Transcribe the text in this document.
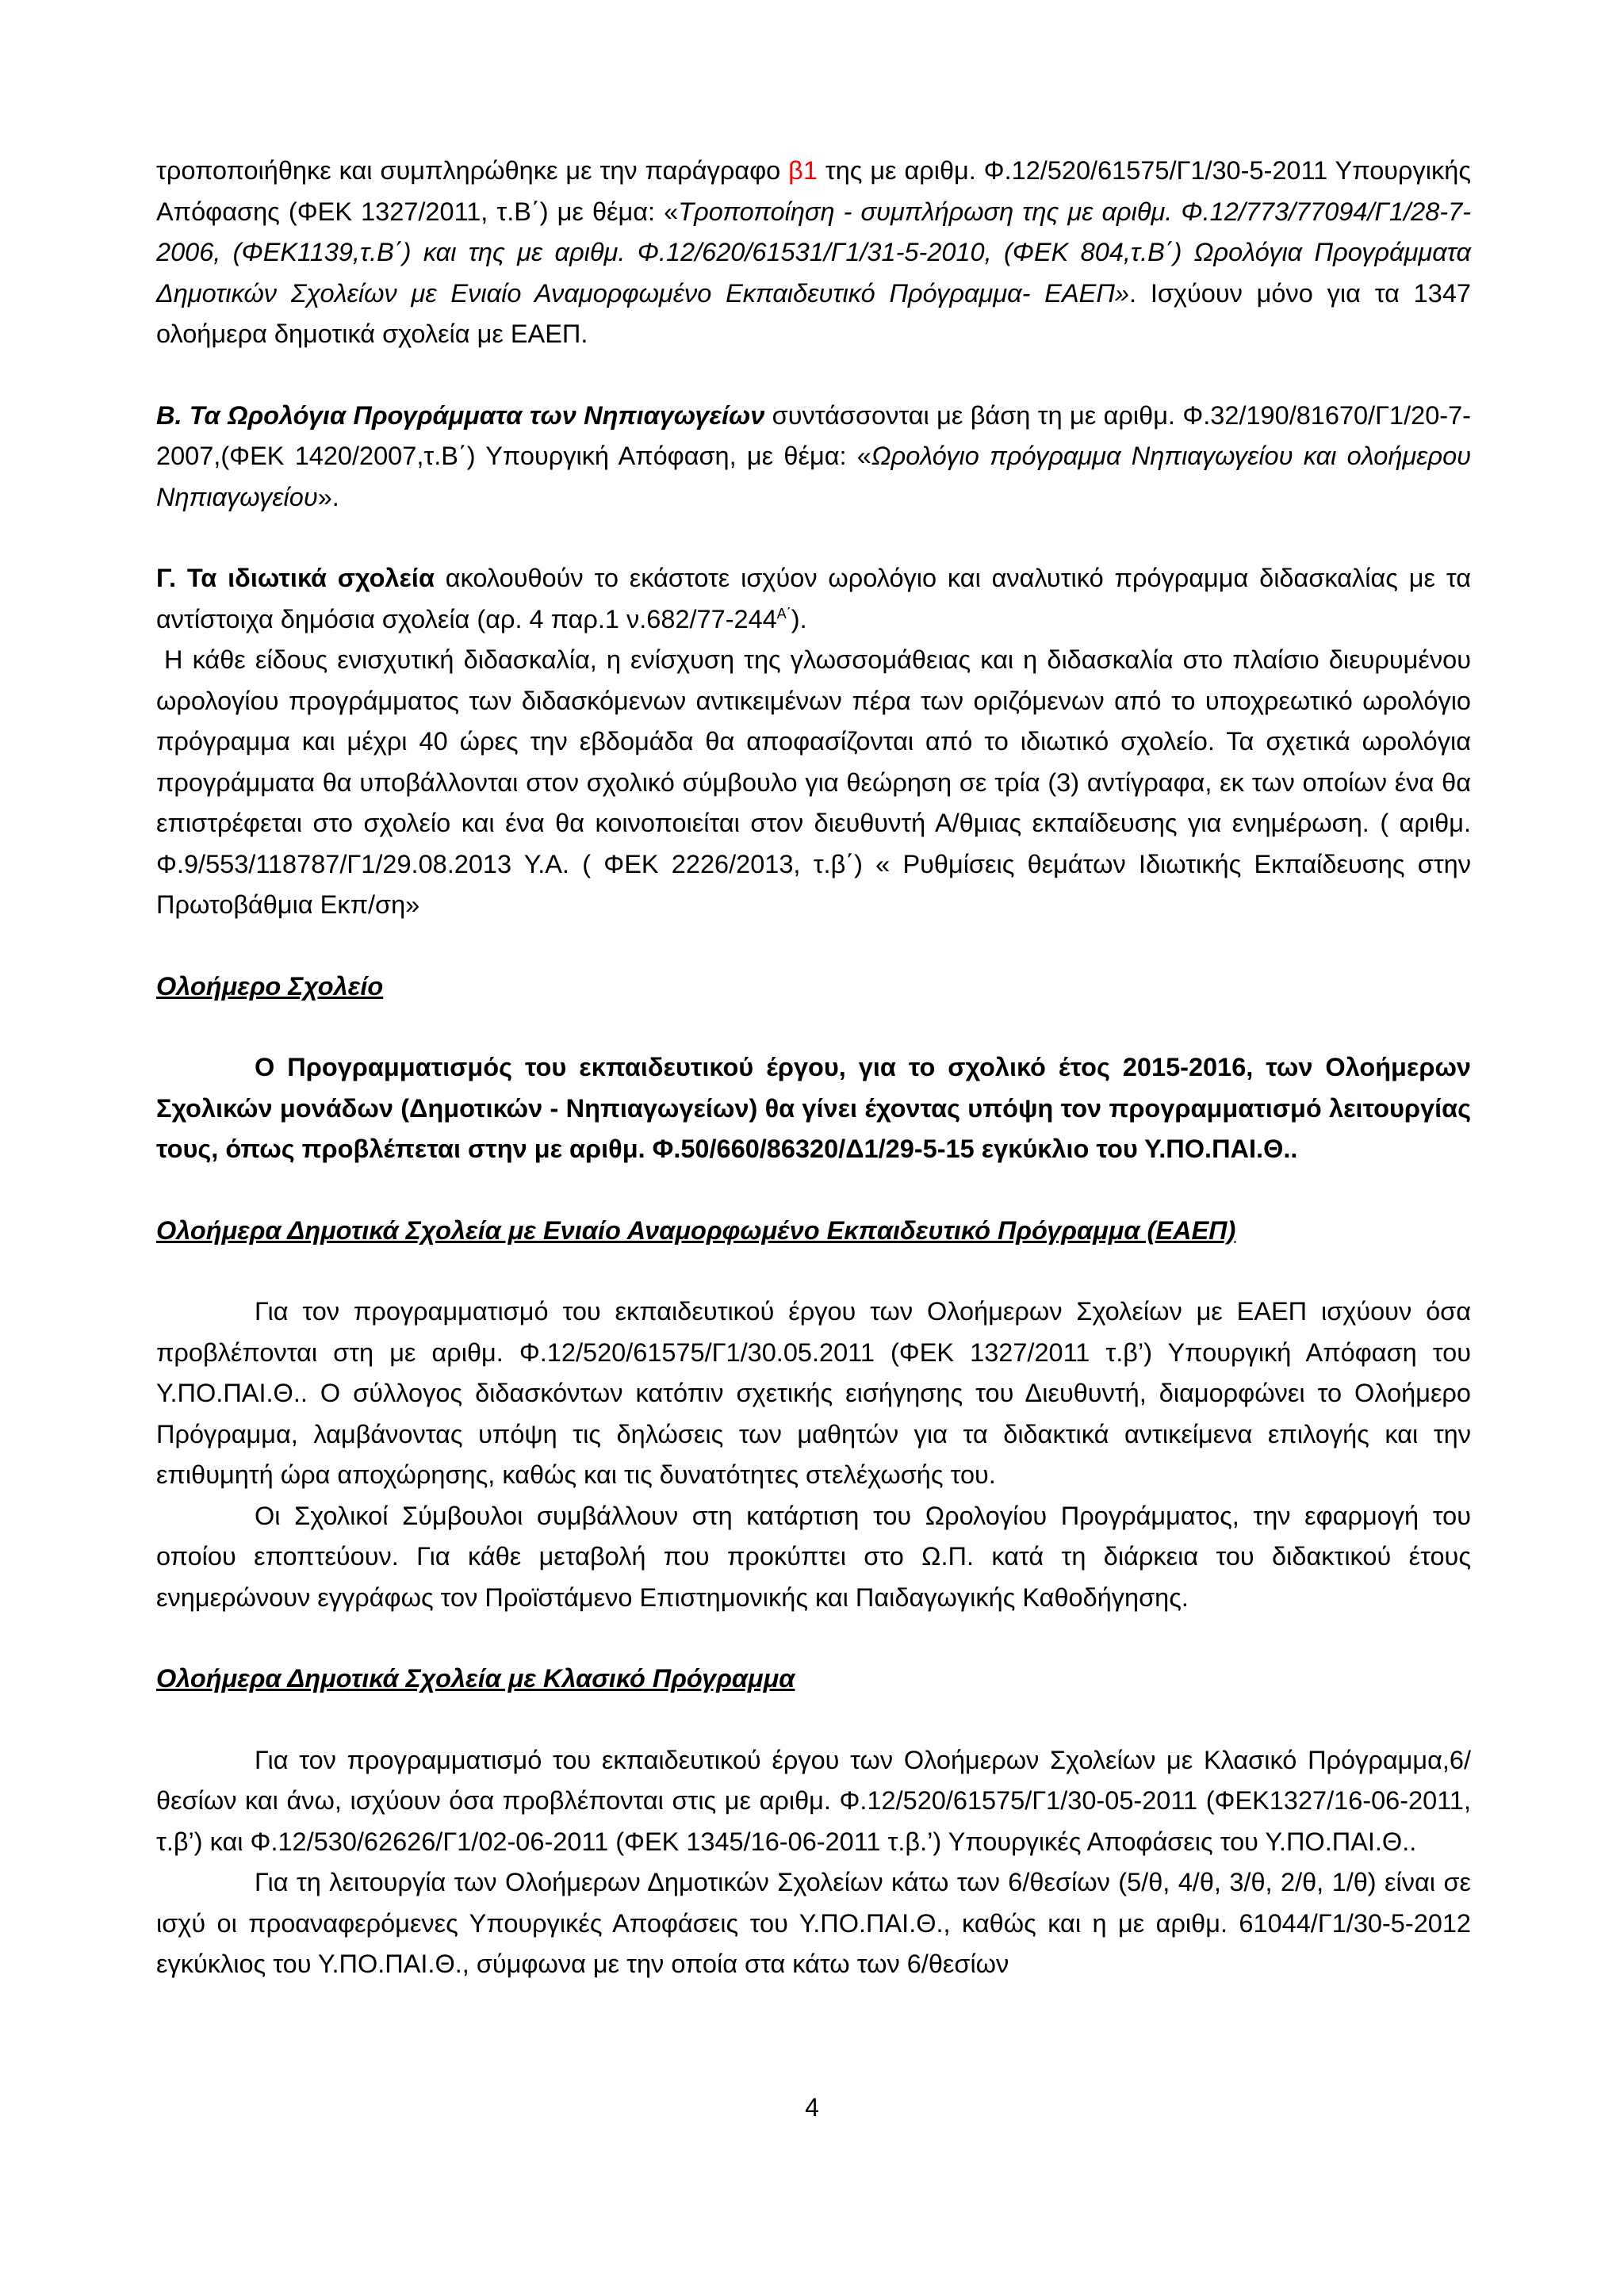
τροποποιήθηκε και συμπληρώθηκε με την παράγραφο β1 της με αριθμ. Φ.12/520/61575/Γ1/30-5-2011 Υπουργικής Απόφασης (ΦΕΚ 1327/2011, τ.Β΄) με θέμα: «Τροποποίηση - συμπλήρωση της με αριθμ. Φ.12/773/77094/Γ1/28-7-2006, (ΦΕΚ1139,τ.Β΄) και της με αριθμ. Φ.12/620/61531/Γ1/31-5-2010, (ΦΕΚ 804,τ.Β΄) Ωρολόγια Προγράμματα Δημοτικών Σχολείων με Ενιαίο Αναμορφωμένο Εκπαιδευτικό Πρόγραμμα- ΕΑΕΠ». Ισχύουν μόνο για τα 1347 ολοήμερα δημοτικά σχολεία με ΕΑΕΠ.

Β. Τα Ωρολόγια Προγράμματα των Νηπιαγωγείων συντάσσονται με βάση τη με αριθμ. Φ.32/190/81670/Γ1/20-7-2007,(ΦΕΚ 1420/2007,τ.Β΄) Υπουργική Απόφαση, με θέμα: «Ωρολόγιο πρόγραμμα Νηπιαγωγείου και ολοήμερου Νηπιαγωγείου».

Γ. Τα ιδιωτικά σχολεία ακολουθούν το εκάστοτε ισχύον ωρολόγιο και αναλυτικό πρόγραμμα διδασκαλίας με τα αντίστοιχα δημόσια σχολεία (αρ. 4 παρ.1 $\nu.682/77-244^{A΄}$).

Η κάθε είδους ενισχυτική διδασκαλία, η ενίσχυση της γλωσσομάθειας και η διδασκαλία στο πλαίσιο διευρυμένου ωρολογίου προγράμματος των διδασκόμενων αντικειμένων πέρα των οριζόμενων από το υποχρεωτικό ωρολόγιο πρόγραμμα και μέχρι 40 ώρες την εβδομάδα θα αποφασίζονται από το ιδιωτικό σχολείο. Τα σχετικά ωρολόγια προγράμματα θα υποβάλλονται στον σχολικό σύμβουλο για θεώρηση σε τρία (3) αντίγραφα, εκ των οποίων ένα θα επιστρέφεται στο σχολείο και ένα θα κοινοποιείται στον διευθυντή Α/θμιας εκπαίδευσης για ενημέρωση. ( αριθμ. Φ.9/553/118787/Γ1/29.08.2013 Υ.Α. ( ΦΕΚ 2226/2013, τ.β΄) « Ρυθμίσεις θεμάτων Ιδιωτικής Εκπαίδευσης στην Πρωτοβάθμια Εκπ/ση»

Ολοήμερο Σχολείο

Ο Προγραμματισμός του εκπαιδευτικού έργου, για το σχολικό έτος 2015-2016, των Ολοήμερων Σχολικών μονάδων (Δημοτικών - Νηπιαγωγείων) θα γίνει έχοντας υπόψη τον προγραμματισμό λειτουργίας τους, όπως προβλέπεται στην με αριθμ. Φ.50/660/86320/Δ1/29-5-15 εγκύκλιο του Υ.ΠΟ.ΠΑΙ.Θ..

Ολοήμερα Δημοτικά Σχολεία με Ενιαίο Αναμορφωμένο Εκπαιδευτικό Πρόγραμμα (ΕΑΕΠ)

Για τον προγραμματισμό του εκπαιδευτικού έργου των Ολοήμερων Σχολείων με ΕΑΕΠ ισχύουν όσα προβλέπονται στη με αριθμ. Φ.12/520/61575/Γ1/30.05.2011 (ΦΕΚ 1327/2011 τ.β’) Υπουργική Απόφαση του Υ.ΠΟ.ΠΑΙ.Θ.. Ο σύλλογος διδασκόντων κατόπιν σχετικής εισήγησης του Διευθυντή, διαμορφώνει το Ολοήμερο Πρόγραμμα, λαμβάνοντας υπόψη τις δηλώσεις των μαθητών για τα διδακτικά αντικείμενα επιλογής και την επιθυμητή ώρα αποχώρησης, καθώς και τις δυνατότητες στελέχωσής του.

Οι Σχολικοί Σύμβουλοι συμβάλλουν στη κατάρτιση του Ωρολογίου Προγράμματος, την εφαρμογή του οποίου εποπτεύουν. Για κάθε μεταβολή που προκύπτει στο Ω.Π. κατά τη διάρκεια του διδακτικού έτους ενημερώνουν εγγράφως τον Προϊστάμενο Επιστημονικής και Παιδαγωγικής Καθοδήγησης.

Ολοήμερα Δημοτικά Σχολεία με Κλασικό Πρόγραμμα

Για τον προγραμματισμό του εκπαιδευτικού έργου των Ολοήμερων Σχολείων με Κλασικό Πρόγραμμα,6/θεσίων και άνω, ισχύουν όσα προβλέπονται στις με αριθμ. Φ.12/520/61575/Γ1/30-05-2011 (ΦΕΚ1327/16-06-2011, τ.β’) και Φ.12/530/62626/Γ1/02-06-2011 (ΦΕΚ 1345/16-06-2011 τ.β.’) Υπουργικές Αποφάσεις του Υ.ΠΟ.ΠΑΙ.Θ..

Για τη λειτουργία των Ολοήμερων Δημοτικών Σχολείων κάτω των 6/θεσίων (5/θ, 4/θ, 3/θ, 2/θ, 1/θ) είναι σε ισχύ οι προαναφερόμενες Υπουργικές Αποφάσεις του Υ.ΠΟ.ΠΑΙ.Θ., καθώς και η με αριθμ. 61044/Γ1/30-5-2012 εγκύκλιος του Υ.ΠΟ.ΠΑΙ.Θ., σύμφωνα με την οποία στα κάτω των 6/θεσίων

4
